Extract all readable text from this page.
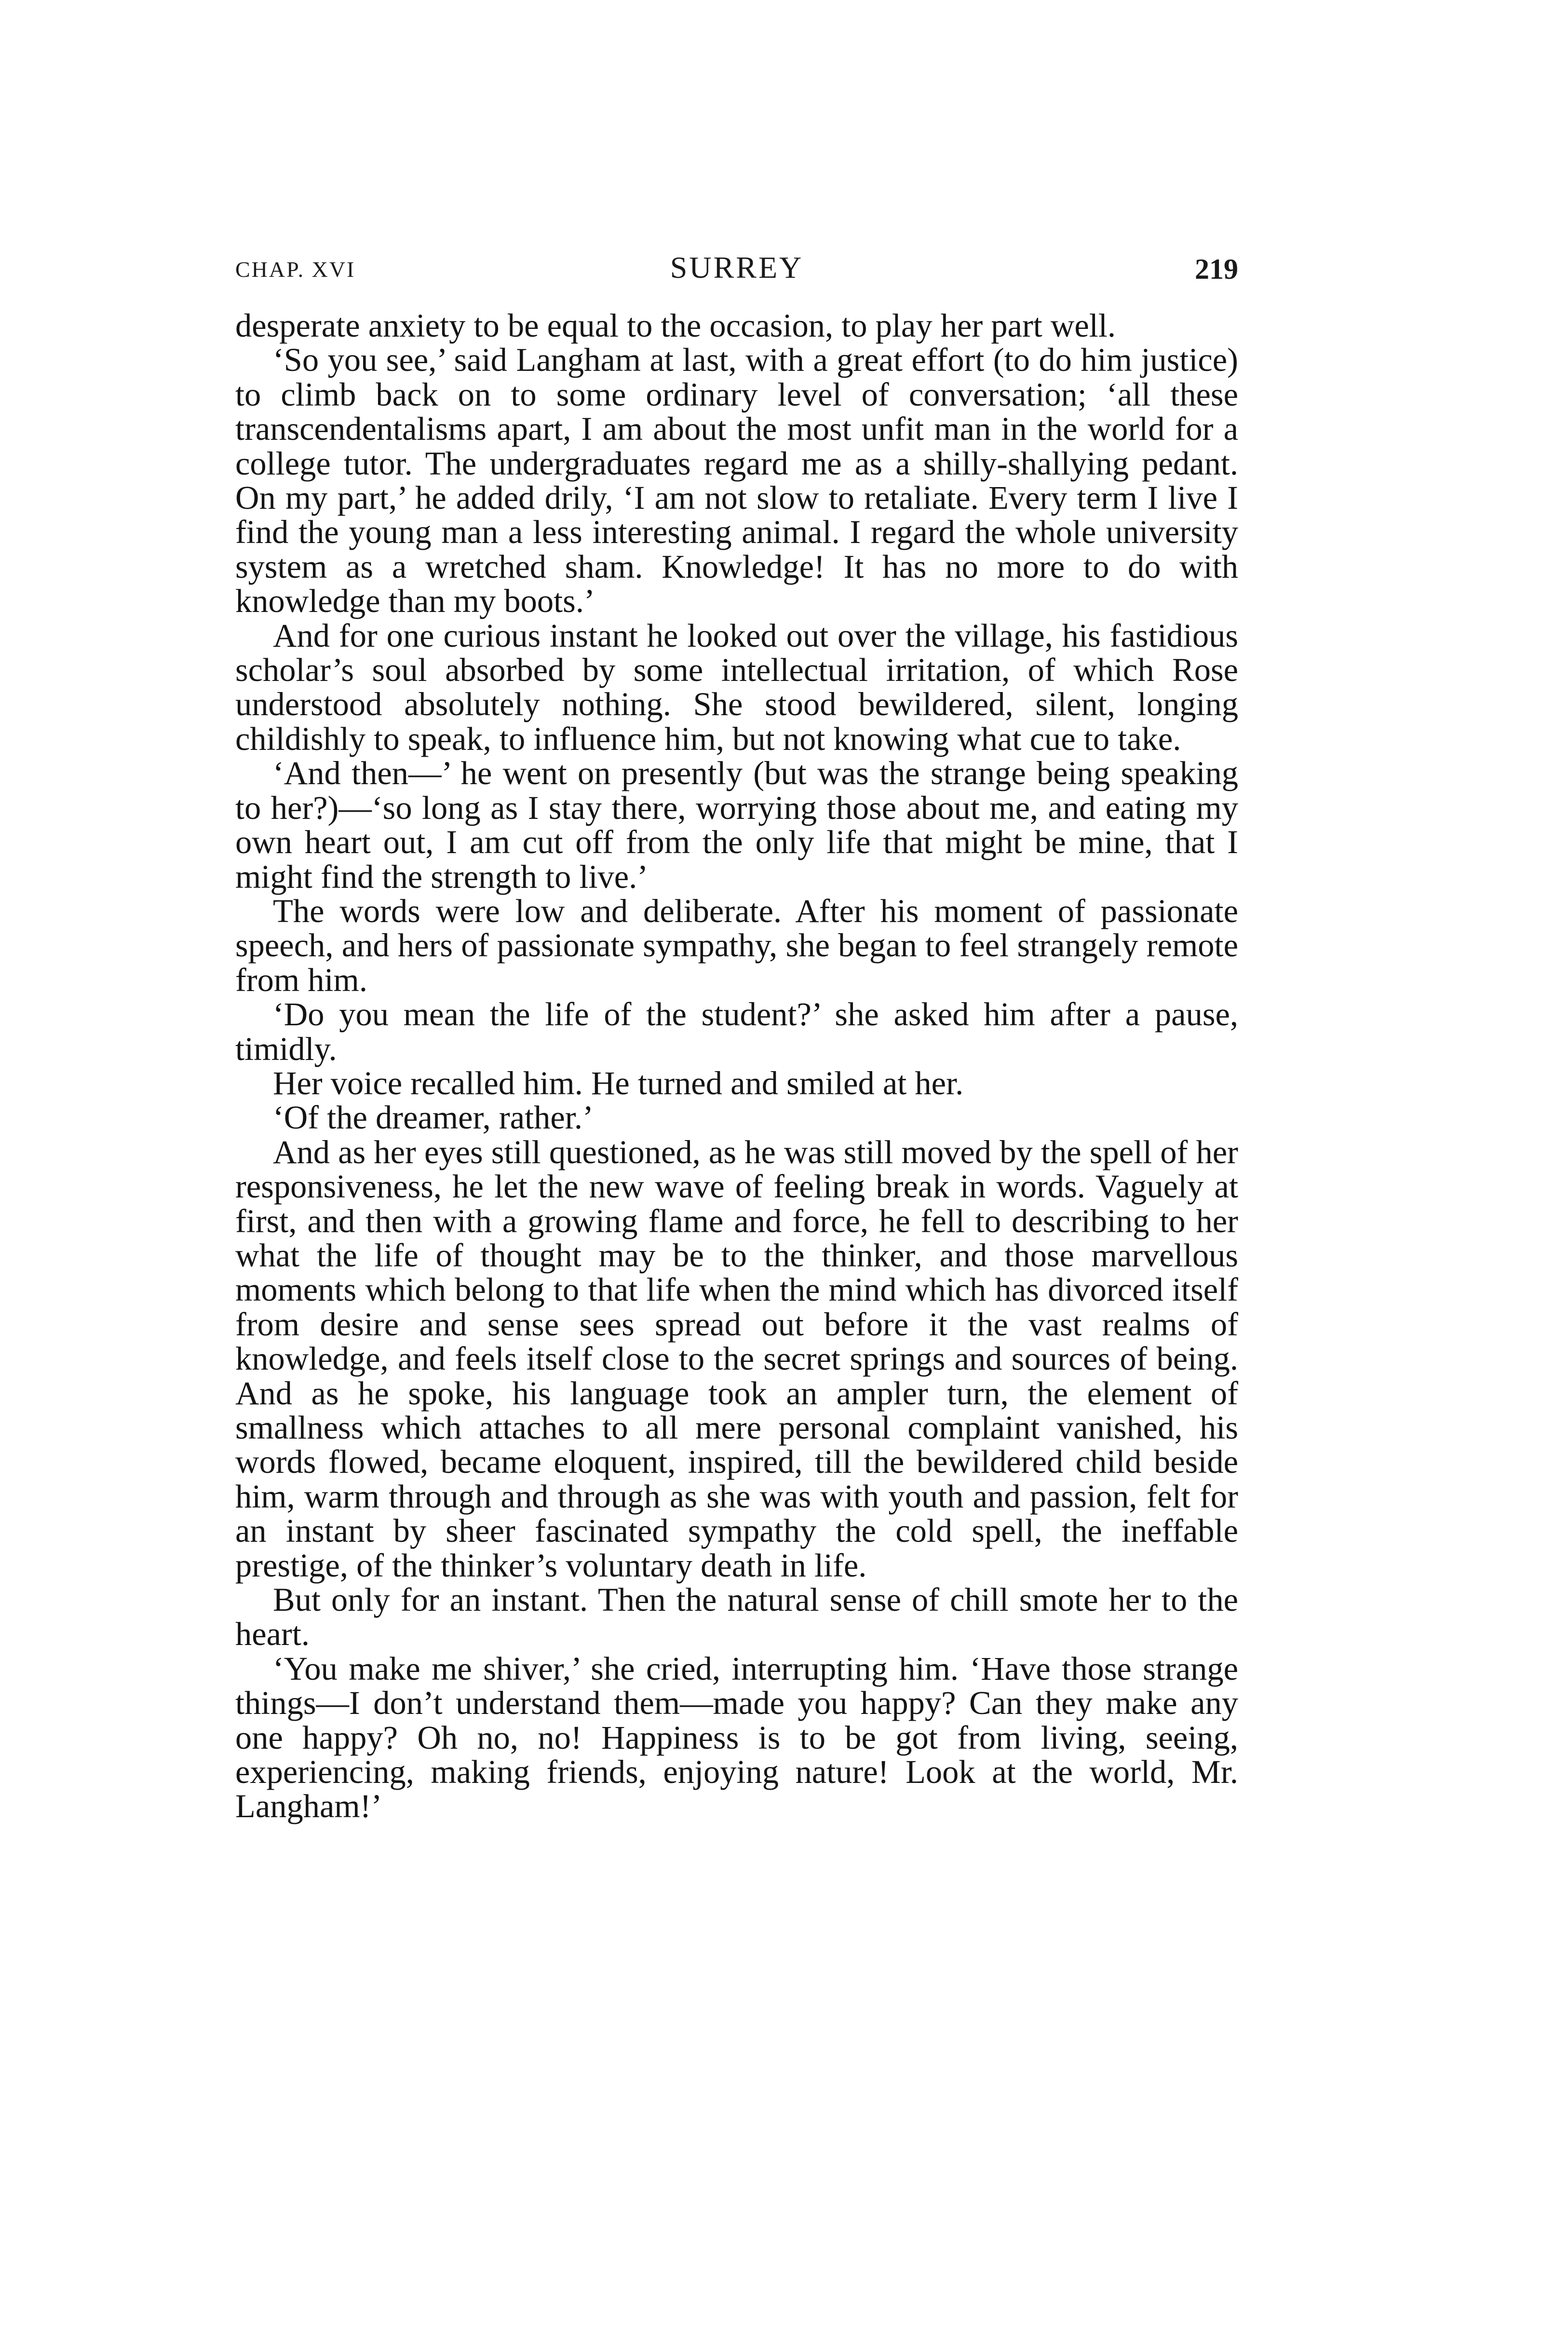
CHAP. XVI	SURREY	219

desperate anxiety to be equal to the occasion, to play her part well.

‘So you see,’ said Langham at last, with a great effort (to do him justice) to climb back on to some ordinary level of conversation; ‘all these transcendentalisms apart, I am about the most unfit man in the world for a college tutor. The undergraduates regard me as a shilly-shallying pedant. On my part,’ he added drily, ‘I am not slow to retaliate. Every term I live I find the young man a less interesting animal. I regard the whole university system as a wretched sham. Knowledge! It has no more to do with knowledge than my boots.’

And for one curious instant he looked out over the village, his fastidious scholar’s soul absorbed by some intellectual irritation, of which Rose understood absolutely nothing. She stood bewildered, silent, longing childishly to speak, to influence him, but not knowing what cue to take.

‘And then—’ he went on presently (but was the strange being speaking to her?)—‘so long as I stay there, worrying those about me, and eating my own heart out, I am cut off from the only life that might be mine, that I might find the strength to live.’

The words were low and deliberate. After his moment of passionate speech, and hers of passionate sympathy, she began to feel strangely remote from him.

‘Do you mean the life of the student?’ she asked him after a pause, timidly.

Her voice recalled him. He turned and smiled at her.

‘Of the dreamer, rather.’

And as her eyes still questioned, as he was still moved by the spell of her responsiveness, he let the new wave of feeling break in words. Vaguely at first, and then with a growing flame and force, he fell to describing to her what the life of thought may be to the thinker, and those marvellous moments which belong to that life when the mind which has divorced itself from desire and sense sees spread out before it the vast realms of knowledge, and feels itself close to the secret springs and sources of being. And as he spoke, his language took an ampler turn, the element of smallness which attaches to all mere personal complaint vanished, his words flowed, became eloquent, inspired, till the bewildered child beside him, warm through and through as she was with youth and passion, felt for an instant by sheer fascinated sympathy the cold spell, the ineffable prestige, of the thinker’s voluntary death in life.

But only for an instant. Then the natural sense of chill smote her to the heart.

‘You make me shiver,’ she cried, interrupting him. ‘Have those strange things—I don’t understand them—made you happy? Can they make any one happy? Oh no, no! Happiness is to be got from living, seeing, experiencing, making friends, enjoying nature! Look at the world, Mr. Langham!’
